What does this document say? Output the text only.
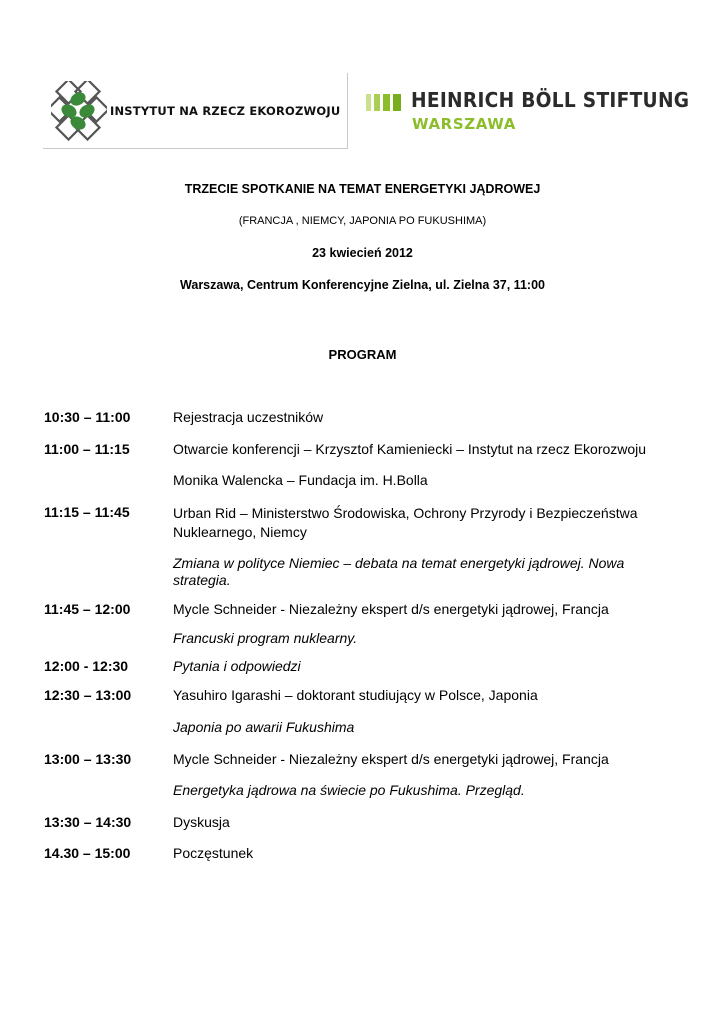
INSTYTUT NA RZECZ EKOROZWOJU	HEINRICH BÖLL STIFTUNG
WARSZAWA
TRZECIE SPOTKANIE NA TEMAT ENERGETYKI JĄDROWEJ
(FRANCJA , NIEMCY, JAPONIA PO FUKUSHIMA)
23 kwiecień 2012
Warszawa, Centrum Konferencyjne Zielna, ul. Zielna 37, 11:00
PROGRAM
10:30 – 11:00	Rejestracja uczestników
11:00 – 11:15	Otwarcie konferencji – Krzysztof Kamieniecki – Instytut na rzecz Ekorozwoju
Monika Walencka – Fundacja im. H.Bolla
11:15 – 11:45	Urban Rid – Ministerstwo Środowiska, Ochrony Przyrody i Bezpieczeństwa Nuklearnego, Niemcy
Zmiana w polityce Niemiec – debata na temat energetyki jądrowej. Nowa strategia.
11:45 – 12:00	Mycle Schneider - Niezależny ekspert d/s energetyki jądrowej, Francja
Francuski program nuklearny.
12:00 - 12:30	Pytania i odpowiedzi
12:30 – 13:00	Yasuhiro Igarashi – doktorant studiujący w Polsce, Japonia
Japonia po awarii Fukushima
13:00 – 13:30	Mycle Schneider - Niezależny ekspert d/s energetyki jądrowej, Francja
Energetyka jądrowa na świecie po Fukushima. Przegląd.
13:30 – 14:30	Dyskusja
14.30 – 15:00	Poczęstunek
